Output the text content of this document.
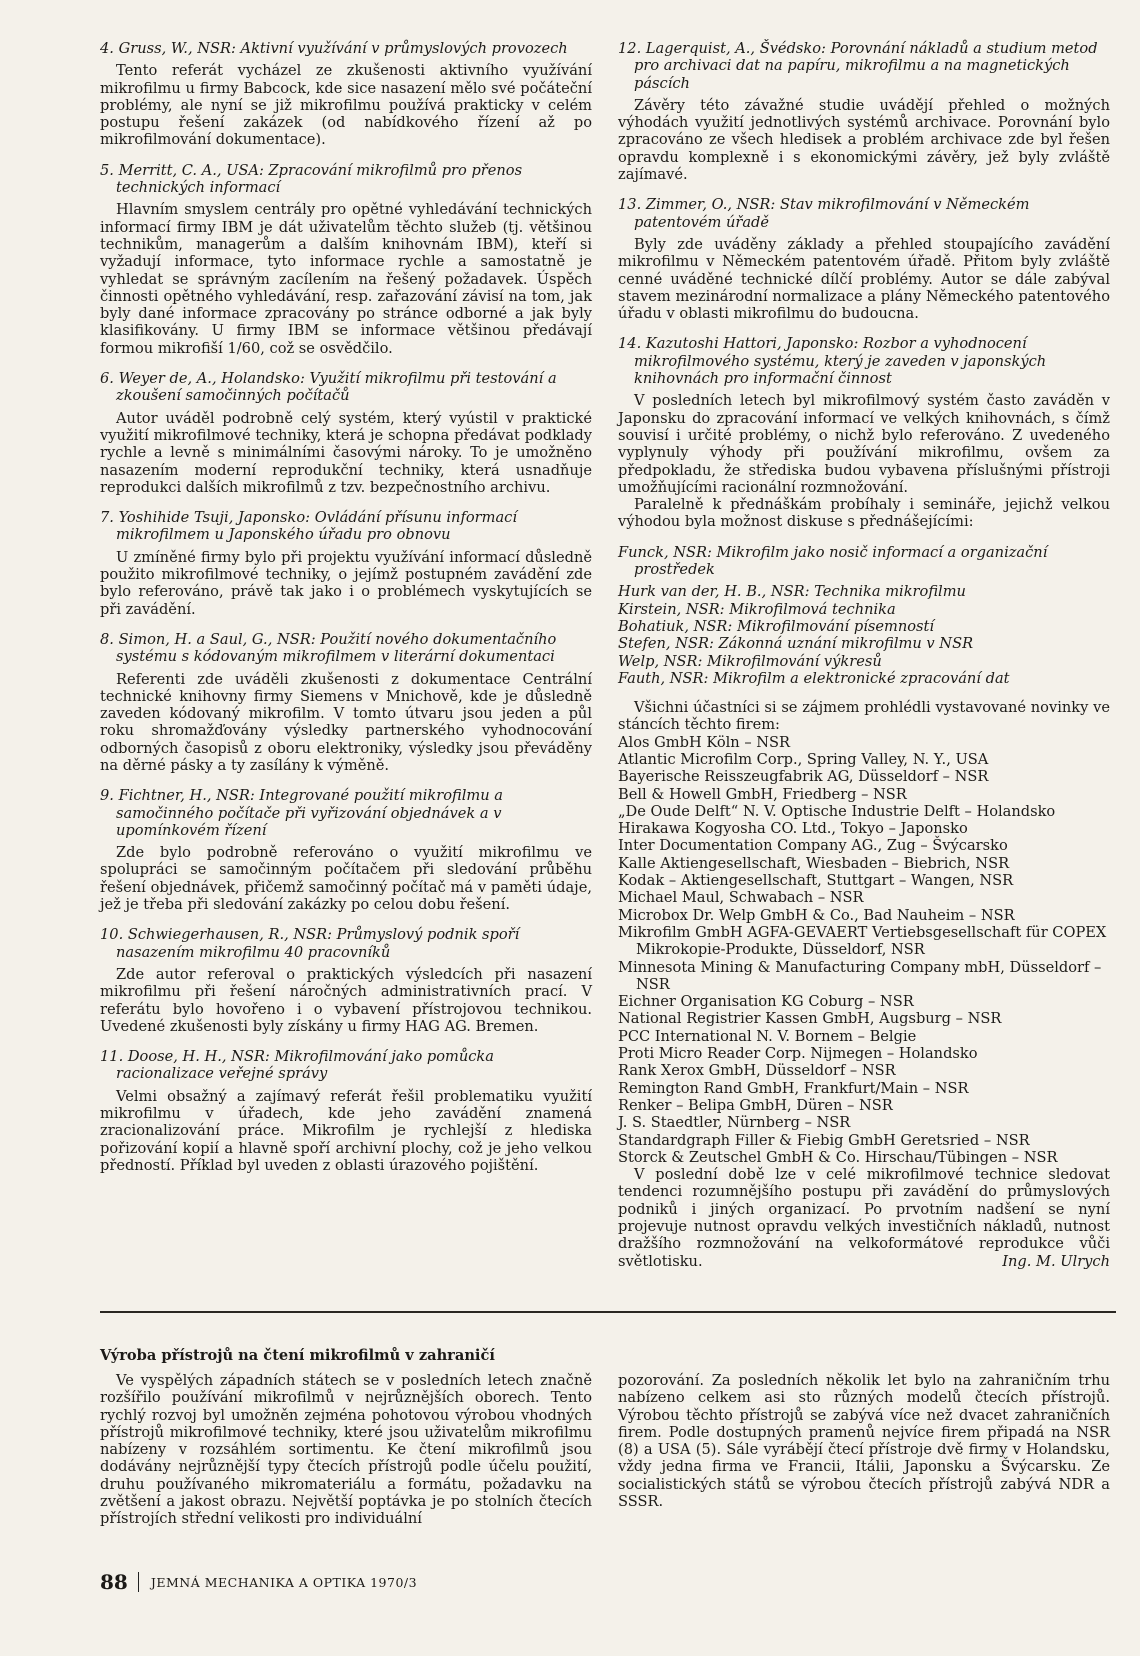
4. Gruss, W., NSR: Aktivní využívání v průmyslových provozech
Tento referát vycházel ze zkušenosti aktivního využívání mikrofilmu u firmy Babcock, kde sice nasazení mělo své počáteční problémy, ale nyní se již mikrofilmu používá prakticky v celém postupu řešení zakázek (od nabídkového řízení až po mikrofilmování dokumentace).
5. Merritt, C. A., USA: Zpracování mikrofilmů pro přenos technických informací
Hlavním smyslem centrály pro opětné vyhledávání technických informací firmy IBM je dát uživatelům těchto služeb (tj. většinou technikům, managerům a dalším knihovnám IBM), kteří si vyžadují informace, tyto informace rychle a samostatně je vyhledat se správným zacílením na řešený požadavek. Úspěch činnosti opětného vyhledávání, resp. zařazování závisí na tom, jak byly dané informace zpracovány po stránce odborné a jak byly klasifikovány. U firmy IBM se informace většinou předávají formou mikrofiší 1/60, což se osvědčilo.
6. Weyer de, A., Holandsko: Využití mikrofilmu při testování a zkoušení samočinných počítačů
Autor uváděl podrobně celý systém, který vyústil v praktické využití mikrofilmové techniky, která je schopna předávat podklady rychle a levně s minimálními časovými nároky. To je umožněno nasazením moderní reprodukční techniky, která usnadňuje reprodukci dalších mikrofilmů z tzv. bezpečnostního archivu.
7. Yoshihide Tsuji, Japonsko: Ovládání přísunu informací mikrofilmem u Japonského úřadu pro obnovu
U zmíněné firmy bylo při projektu využívání informací důsledně použito mikrofilmové techniky, o jejímž postupném zavádění zde bylo referováno, právě tak jako i o problémech vyskytujících se při zavádění.
8. Simon, H. a Saul, G., NSR: Použití nového dokumentačního systému s kódovaným mikrofilmem v literární dokumentaci
Referenti zde uváděli zkušenosti z dokumentace Centrální technické knihovny firmy Siemens v Mnichově, kde je důsledně zaveden kódovaný mikrofilm. V tomto útvaru jsou jeden a půl roku shromažďovány výsledky partnerského vyhodnocování odborných časopisů z oboru elektroniky, výsledky jsou převáděny na děrné pásky a ty zasílány k výměně.
9. Fichtner, H., NSR: Integrované použití mikrofilmu a samočinného počítače při vyřizování objednávek a v upomínkovém řízení
Zde bylo podrobně referováno o využití mikrofilmu ve spolupráci se samočinným počítačem při sledování průběhu řešení objednávek, přičemž samočinný počítač má v paměti údaje, jež je třeba při sledování zakázky po celou dobu řešení.
10. Schwiegerhausen, R., NSR: Průmyslový podnik spoří nasazením mikrofilmu 40 pracovníků
Zde autor referoval o praktických výsledcích při nasazení mikrofilmu při řešení náročných administrativních prací. V referátu bylo hovořeno i o vybavení přístrojovou technikou. Uvedené zkušenosti byly získány u firmy HAG AG. Bremen.
11. Doose, H. H., NSR: Mikrofilmování jako pomůcka racionalizace veřejné správy
Velmi obsažný a zajímavý referát řešil problematiku využití mikrofilmu v úřadech, kde jeho zavádění znamená zracionalizování práce. Mikrofilm je rychlejší z hlediska pořizování kopií a hlavně spoří archivní plochy, což je jeho velkou předností. Příklad byl uveden z oblasti úrazového pojištění.
12. Lagerquist, A., Švédsko: Porovnání nákladů a studium metod pro archivaci dat na papíru, mikrofilmu a na magnetických páscích
Závěry této závažné studie uvádějí přehled o možných výhodách využití jednotlivých systémů archivace. Porovnání bylo zpracováno ze všech hledisek a problém archivace zde byl řešen opravdu komplexně i s ekonomickými závěry, jež byly zvláště zajímavé.
13. Zimmer, O., NSR: Stav mikrofilmování v Německém patentovém úřadě
Byly zde uváděny základy a přehled stoupajícího zavádění mikrofilmu v Německém patentovém úřadě. Přitom byly zvláště cenné uváděné technické dílčí problémy. Autor se dále zabýval stavem mezinárodní normalizace a plány Německého patentového úřadu v oblasti mikrofilmu do budoucna.
14. Kazutoshi Hattori, Japonsko: Rozbor a vyhodnocení mikrofilmového systému, který je zaveden v japonských knihovnách pro informační činnost
V posledních letech byl mikrofilmový systém často zaváděn v Japonsku do zpracování informací ve velkých knihovnách, s čímž souvisí i určité problémy, o nichž bylo referováno. Z uvedeného vyplynuly výhody při používání mikrofilmu, ovšem za předpokladu, že střediska budou vybavena příslušnými přístroji umožňujícími racionální rozmnožování.
Paralelně k přednáškám probíhaly i semináře, jejichž velkou výhodou byla možnost diskuse s přednášejícími:
Funck, NSR: Mikrofilm jako nosič informací a organizační prostředek
Hurk van der, H. B., NSR: Technika mikrofilmu
Kirstein, NSR: Mikrofilmová technika
Bohatiuk, NSR: Mikrofilmování písemností
Stefen, NSR: Zákonná uznání mikrofilmu v NSR
Welp, NSR: Mikrofilmování výkresů
Fauth, NSR: Mikrofilm a elektronické zpracování dat
Všichni účastníci si se zájmem prohlédli vystavované novinky ve stáncích těchto firem:
Alos GmbH Köln – NSR
Atlantic Microfilm Corp., Spring Valley, N. Y., USA
Bayerische Reisszeugfabrik AG, Düsseldorf – NSR
Bell & Howell GmbH, Friedberg – NSR
„De Oude Delft“ N. V. Optische Industrie Delft – Holandsko
Hirakawa Kogyosha CO. Ltd., Tokyo – Japonsko
Inter Documentation Company AG., Zug – Švýcarsko
Kalle Aktiengesellschaft, Wiesbaden – Biebrich, NSR
Kodak – Aktiengesellschaft, Stuttgart – Wangen, NSR
Michael Maul, Schwabach – NSR
Microbox Dr. Welp GmbH & Co., Bad Nauheim – NSR
Mikrofilm GmbH AGFA-GEVAERT Vertiebsgesellschaft für COPEX Mikrokopie-Produkte, Düsseldorf, NSR
Minnesota Mining & Manufacturing Company mbH, Düsseldorf – NSR
Eichner Organisation KG Coburg – NSR
National Registrier Kassen GmbH, Augsburg – NSR
PCC International N. V. Bornem – Belgie
Proti Micro Reader Corp. Nijmegen – Holandsko
Rank Xerox GmbH, Düsseldorf – NSR
Remington Rand GmbH, Frankfurt/Main – NSR
Renker – Belipa GmbH, Düren – NSR
J. S. Staedtler, Nürnberg – NSR
Standardgraph Filler & Fiebig GmbH Geretsried – NSR
Storck & Zeutschel GmbH & Co. Hirschau/Tübingen – NSR
V poslední době lze v celé mikrofilmové technice sledovat tendenci rozumnějšího postupu při zavádění do průmyslových podniků i jiných organizací. Po prvotním nadšení se nyní projevuje nutnost opravdu velkých investičních nákladů, nutnost dražšího rozmnožování na velkoformátové reprodukce vůči světlotisku.	Ing. M. Ulrych
Výroba přístrojů na čtení mikrofilmů v zahraničí
Ve vyspělých západních státech se v posledních letech značně rozšířilo používání mikrofilmů v nejrůznějších oborech. Tento rychlý rozvoj byl umožněn zejména pohotovou výrobou vhodných přístrojů mikrofilmové techniky, které jsou uživatelům mikrofilmu nabízeny v rozsáhlém sortimentu. Ke čtení mikrofilmů jsou dodávány nejrůznější typy čtecích přístrojů podle účelu použití, druhu používaného mikromateriálu a formátu, požadavku na zvětšení a jakost obrazu. Největší poptávka je po stolních čtecích přístrojích střední velikosti pro individuální
pozorování. Za posledních několik let bylo na zahraničním trhu nabízeno celkem asi sto různých modelů čtecích přístrojů. Výrobou těchto přístrojů se zabývá více než dvacet zahraničních firem. Podle dostupných pramenů nejvíce firem připadá na NSR (8) a USA (5). Sále vyrábějí čtecí přístroje dvě firmy v Holandsku, vždy jedna firma ve Francii, Itálii, Japonsku a Švýcarsku. Ze socialistických států se výrobou čtecích přístrojů zabývá NDR a SSSR.
88 JEMNÁ MECHANIKA A OPTIKA 1970/3
